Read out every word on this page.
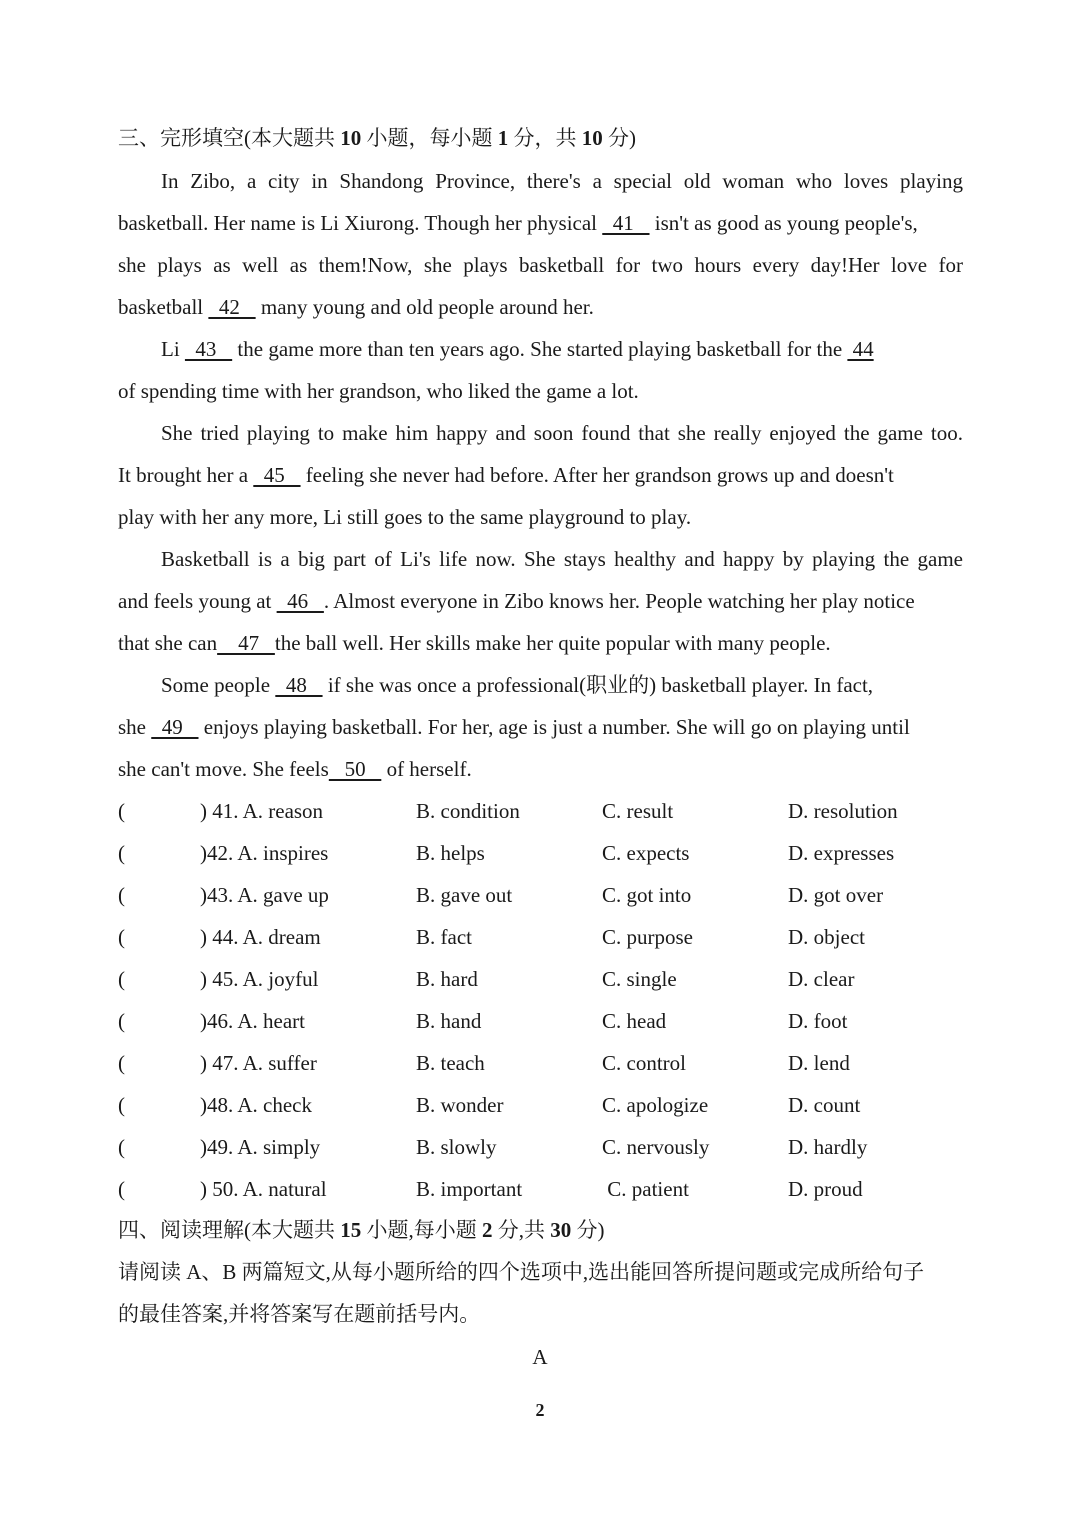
三、完形填空(本大题共 10 小题，每小题 1 分，共 10 分)
In Zibo, a city in Shandong Province, there's a special old woman who loves playing
basketball. Her name is Li Xiurong. Though her physical   41    isn't as good as young people's,
she plays as well as them!Now, she plays basketball for two hours every day!Her love for
basketball   42    many young and old people around her.
Li   43    the game more than ten years ago. She started playing basketball for the  44
of spending time with her grandson, who liked the game a lot.
She tried playing to make him happy and soon found that she really enjoyed the game too.
It brought her a   45    feeling she never had before. After her grandson grows up and doesn't
play with her any more, Li still goes to the same playground to play.
Basketball is a big part of Li's life now. She stays healthy and happy by playing the game
and feels young at   46   . Almost everyone in Zibo knows her. People watching her play notice
that she can    47   the ball well. Her skills make her quite popular with many people.
Some people   48    if she was once a professional(职业的) basketball player. In fact,
she   49    enjoys playing basketball. For her, age is just a number. She will go on playing until
she can't move. She feels   50    of herself.
(	) 41. A. reason	B. condition	C. result	D. resolution
(	)42. A. inspires	B. helps	C. expects	D. expresses
(	)43. A. gave up	B. gave out	C. got into	D. got over
(	) 44. A. dream	B. fact	C. purpose	D. object
(	) 45. A. joyful	B. hard	C. single	D. clear
(	)46. A. heart	B. hand	C. head	D. foot
(	) 47. A. suffer	B. teach	C. control	D. lend
(	)48. A. check	B. wonder	C. apologize	D. count
(	)49. A. simply	B. slowly	C. nervously	D. hardly
(	) 50. A. natural	B. important	C. patient	D. proud
四、阅读理解(本大题共 15 小题,每小题 2 分,共 30 分)
请阅读 A、B 两篇短文,从每小题所给的四个选项中,选出能回答所提问题或完成所给句子
的最佳答案,并将答案写在题前括号内。
A
2
